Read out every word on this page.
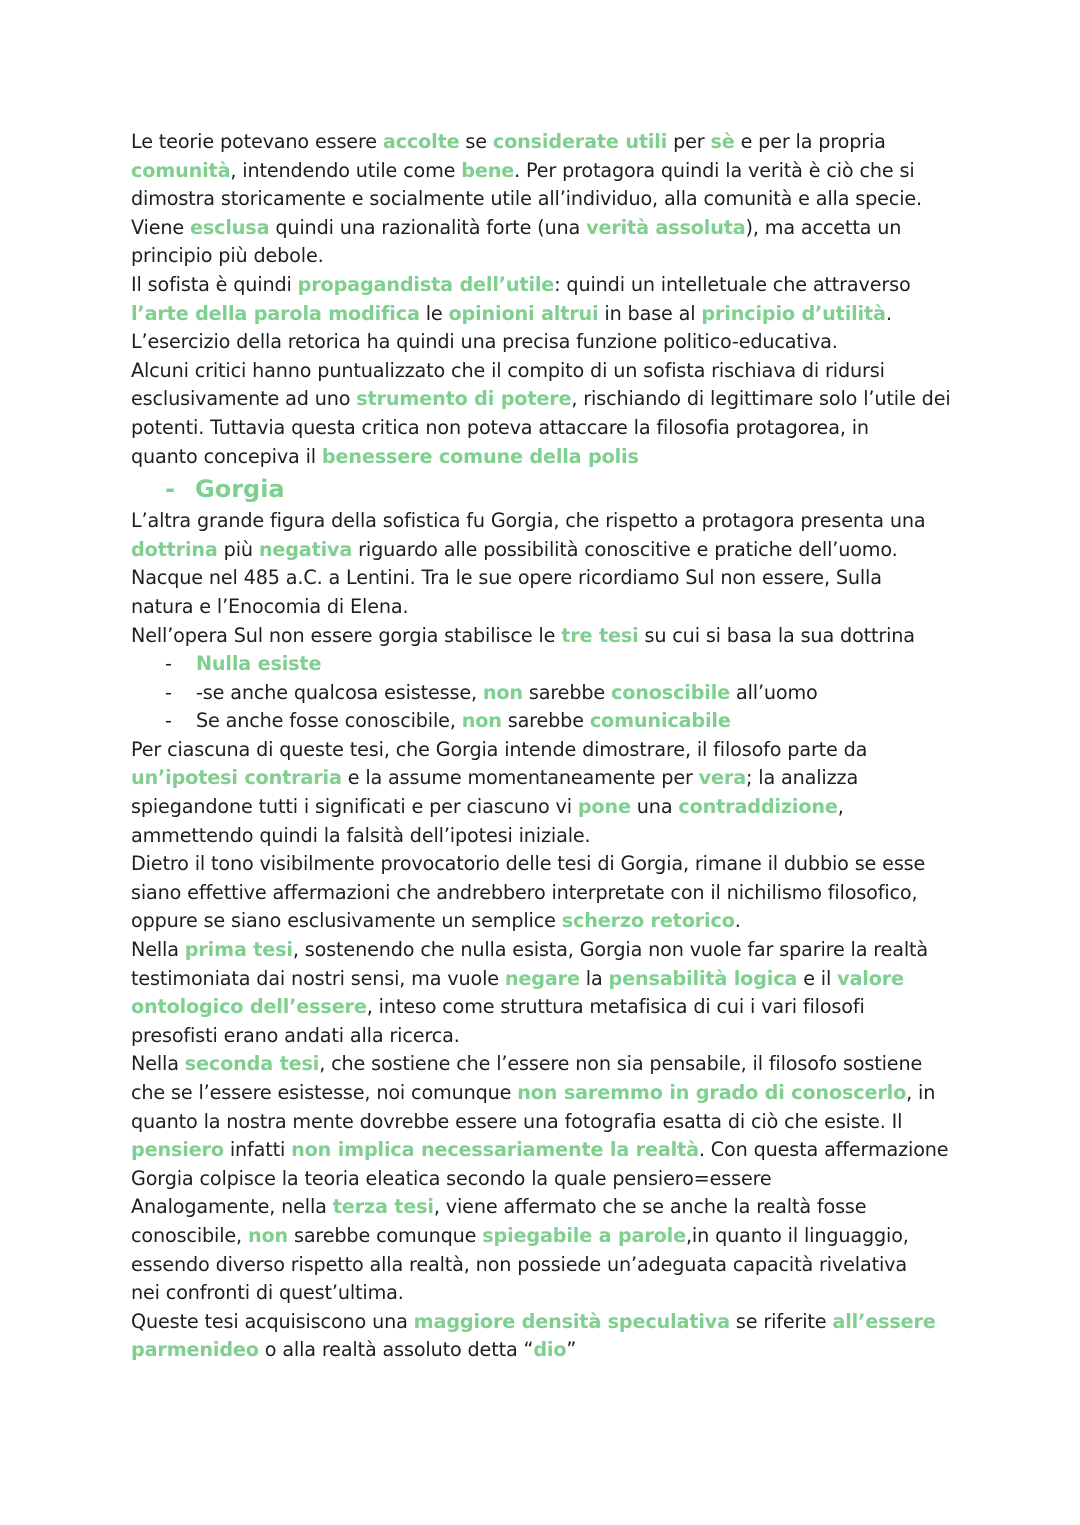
Le teorie potevano essere accolte se considerate utili per sè e per la propria
comunità, intendendo utile come bene. Per protagora quindi la verità è ciò che si
dimostra storicamente e socialmente utile all’individuo, alla comunità e alla specie.
Viene esclusa quindi una razionalità forte (una verità assoluta), ma accetta un
principio più debole.
Il sofista è quindi propagandista dell’utile: quindi un intelletuale che attraverso
l’arte della parola modifica le opinioni altrui in base al principio d’utilità.
L’esercizio della retorica ha quindi una precisa funzione politico-educativa.
Alcuni critici hanno puntualizzato che il compito di un sofista rischiava di ridursi
esclusivamente ad uno strumento di potere, rischiando di legittimare solo l’utile dei
potenti. Tuttavia questa critica non poteva attaccare la filosofia protagorea, in
quanto concepiva il benessere comune della polis

- Gorgia

L’altra grande figura della sofistica fu Gorgia, che rispetto a protagora presenta una
dottrina più negativa riguardo alle possibilità conoscitive e pratiche dell’uomo.
Nacque nel 485 a.C. a Lentini. Tra le sue opere ricordiamo Sul non essere, Sulla
natura e l’Enocomia di Elena.
Nell’opera Sul non essere gorgia stabilisce le tre tesi su cui si basa la sua dottrina

- Nulla esiste
- -se anche qualcosa esistesse, non sarebbe conoscibile all’uomo
- Se anche fosse conoscibile, non sarebbe comunicabile

Per ciascuna di queste tesi, che Gorgia intende dimostrare, il filosofo parte da
un’ipotesi contraria e la assume momentaneamente per vera; la analizza
spiegandone tutti i significati e per ciascuno vi pone una contraddizione,
ammettendo quindi la falsità dell’ipotesi iniziale.
Dietro il tono visibilmente provocatorio delle tesi di Gorgia, rimane il dubbio se esse
siano effettive affermazioni che andrebbero interpretate con il nichilismo filosofico,
oppure se siano esclusivamente un semplice scherzo retorico.
Nella prima tesi, sostenendo che nulla esista, Gorgia non vuole far sparire la realtà
testimoniata dai nostri sensi, ma vuole negare la pensabilità logica e il valore
ontologico dell’essere, inteso come struttura metafisica di cui i vari filosofi
presofisti erano andati alla ricerca.
Nella seconda tesi, che sostiene che l’essere non sia pensabile, il filosofo sostiene
che se l’essere esistesse, noi comunque non saremmo in grado di conoscerlo, in
quanto la nostra mente dovrebbe essere una fotografia esatta di ciò che esiste. Il
pensiero infatti non implica necessariamente la realtà. Con questa affermazione
Gorgia colpisce la teoria eleatica secondo la quale pensiero=essere
Analogamente, nella terza tesi, viene affermato che se anche la realtà fosse
conoscibile, non sarebbe comunque spiegabile a parole,in quanto il linguaggio,
essendo diverso rispetto alla realtà, non possiede un’adeguata capacità rivelativa
nei confronti di quest’ultima.
Queste tesi acquisiscono una maggiore densità speculativa se riferite all’essere
parmenideo o alla realtà assoluto detta “dio”
